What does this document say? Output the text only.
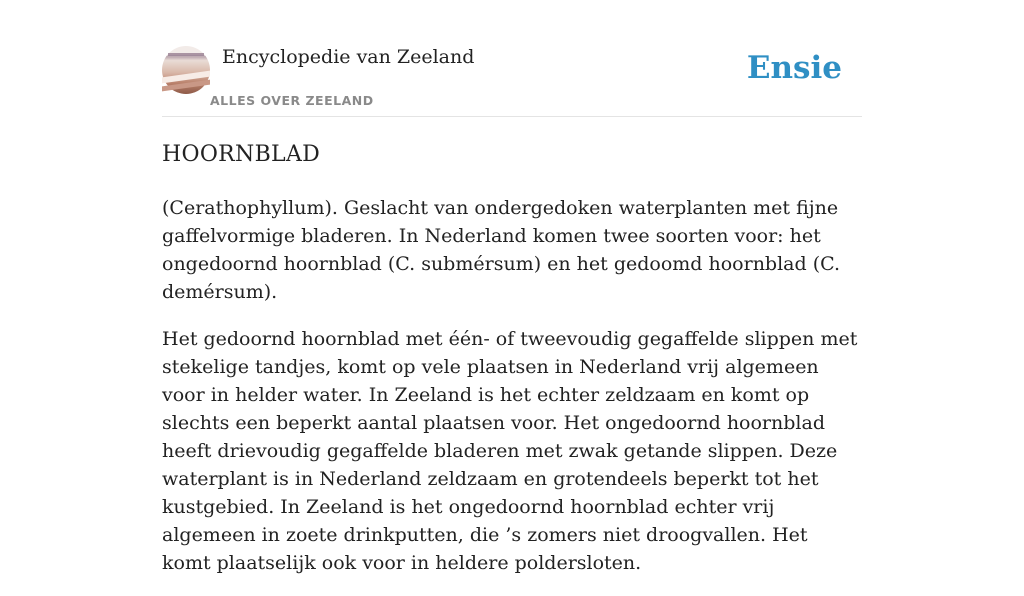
Encyclopedie van Zeeland
ALLES OVER ZEELAND
Ensie
HOORNBLAD

(Cerathophyllum). Geslacht van ondergedoken waterplanten met fijne gaffelvormige bladeren. In Nederland komen twee soorten voor: het ongedoornd hoornblad (C. submérsum) en het gedoomd hoornblad (C. demérsum).

Het gedoornd hoornblad met één- of tweevoudig gegaffelde slippen met stekelige tandjes, komt op vele plaatsen in Nederland vrij algemeen voor in helder water. In Zeeland is het echter zeldzaam en komt op slechts een beperkt aantal plaatsen voor. Het ongedoornd hoornblad heeft drievoudig gegaffelde bladeren met zwak getande slippen. Deze waterplant is in Nederland zeldzaam en grotendeels beperkt tot het kustgebied. In Zeeland is het ongedoornd hoornblad echter vrij algemeen in zoete drinkputten, die ’s zomers niet droogvallen. Het komt plaatselijk ook voor in heldere poldersloten.
